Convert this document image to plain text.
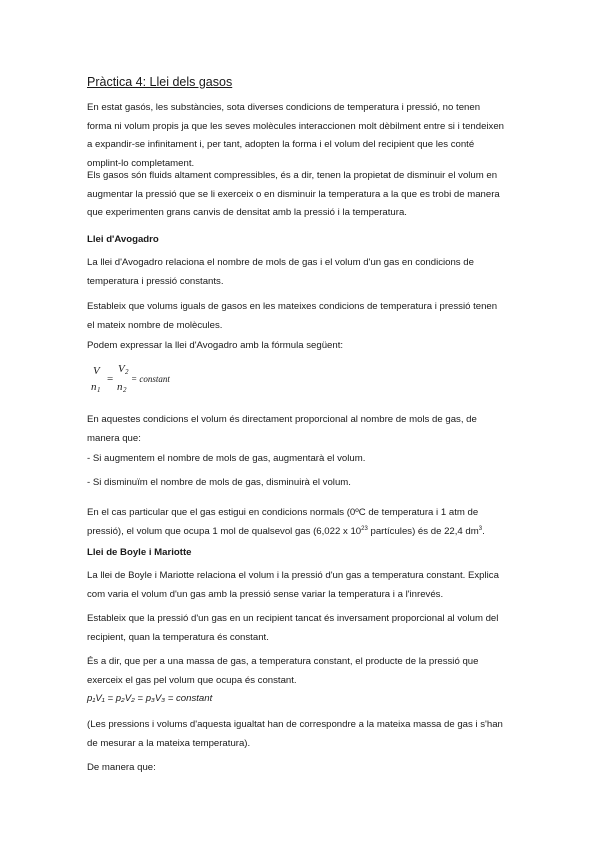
Pràctica 4: Llei dels gasos

En estat gasós, les substàncies, sota diverses condicions de temperatura i pressió, no tenen forma ni volum propis ja que les seves molècules interaccionen molt dèbilment entre si i tendeixen a expandir-se infinitament i, per tant, adopten la forma i el volum del recipient que les conté omplint-lo completament.

Els gasos són fluids altament compressibles, és a dir, tenen la propietat de disminuir el volum en augmentar la pressió que se li exerceix o en disminuir la temperatura a la que es trobi de manera que experimenten grans canvis de densitat amb la pressió i la temperatura.

Llei d'Avogadro

La llei d'Avogadro relaciona el nombre de mols de gas i el volum d'un gas en condicions de temperatura i pressió constants.

Estableix que volums iguals de gasos en les mateixes condicions de temperatura i pressió tenen el mateix nombre de molècules.

Podem expressar la llei d'Avogadro amb la fórmula següent:

V
n 1
=
V 2
n 2
= constant

En aquestes condicions el volum és directament proporcional al nombre de mols de gas, de manera que:

- Si augmentem el nombre de mols de gas, augmentarà el volum.

- Si disminuïm el nombre de mols de gas, disminuirà el volum.

En el cas particular que el gas estigui en condicions normals (0ºC de temperatura i 1 atm de pressió), el volum que ocupa 1 mol de qualsevol gas (6,022 x $10^{23}$ partícules) és de 22,4 $dm^3$.

Llei de Boyle i Mariotte

La llei de Boyle i Mariotte relaciona el volum i la pressió d'un gas a temperatura constant. Explica com varia el volum d'un gas amb la pressió sense variar la temperatura i a l'inrevés.

Estableix que la pressió d'un gas en un recipient tancat és inversament proporcional al volum del recipient, quan la temperatura és constant.

És a dir, que per a una massa de gas, a temperatura constant, el producte de la pressió que exerceix el gas pel volum que ocupa és constant.

p₁V₁ = p₂V₂ = p₃V₃ = constant

(Les pressions i volums d'aquesta igualtat han de correspondre a la mateixa massa de gas i s'han de mesurar a la mateixa temperatura).

De manera que:
